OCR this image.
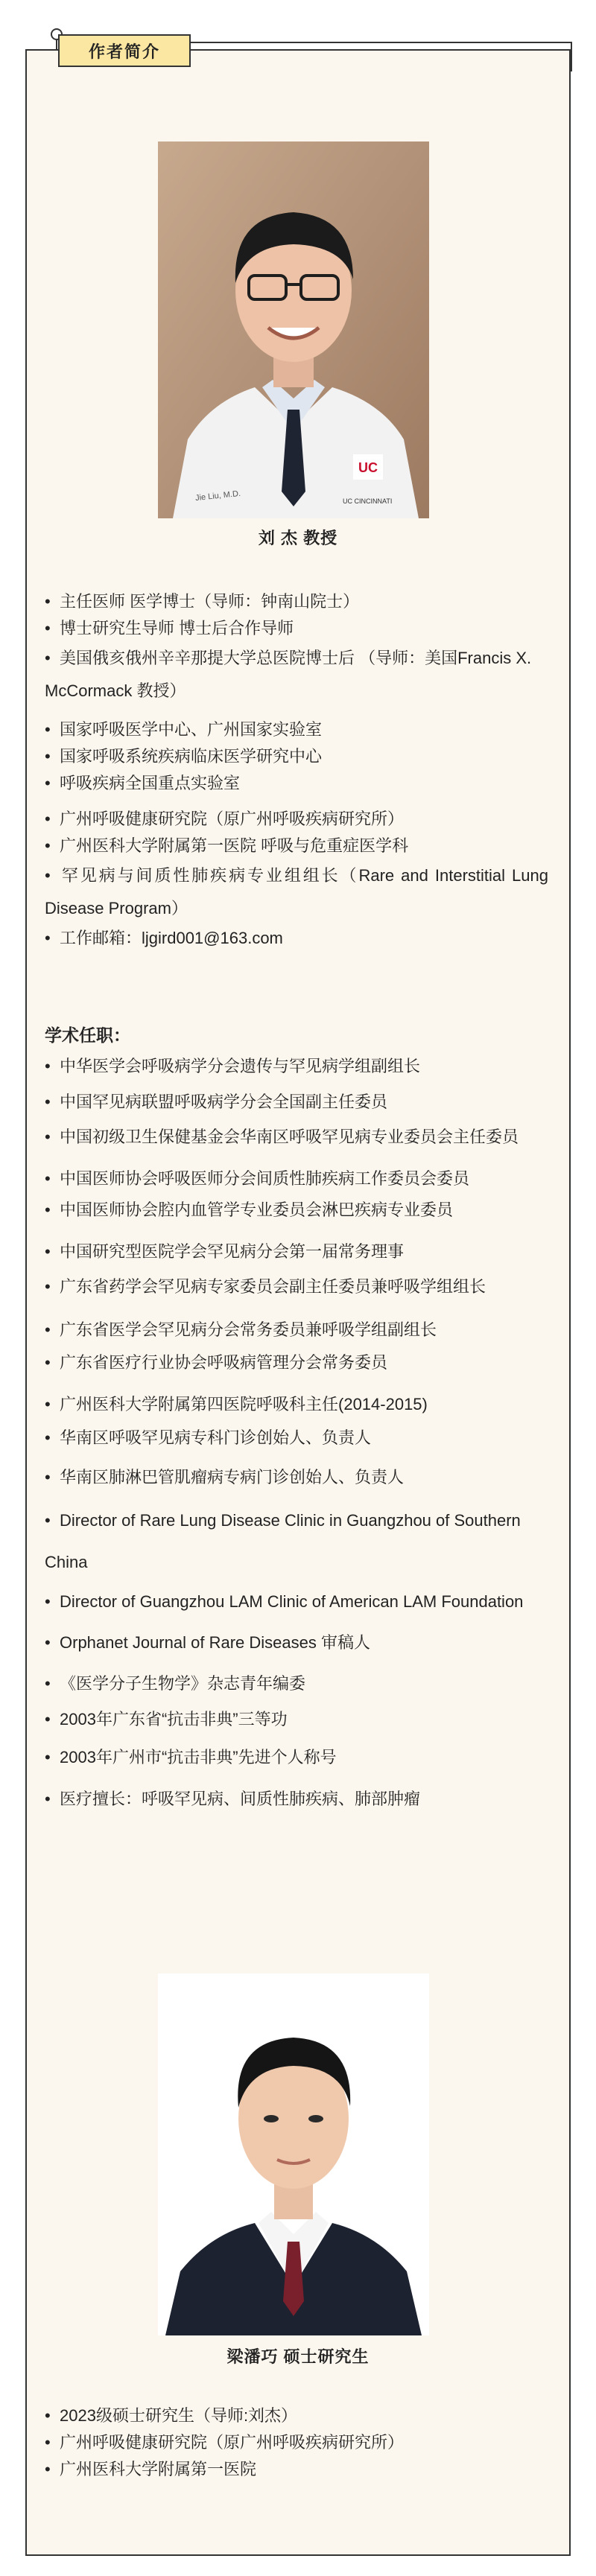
作者简介
UC
Jie Liu, M.D.	UC CINCINNATI
刘 杰 教授

• 主任医师 医学博士（导师：钟南山院士）

• 博士研究生导师 博士后合作导师

• 美国俄亥俄州辛辛那提大学总医院博士后 （导师：美国Francis X. McCormack 教授）

• 国家呼吸医学中心、广州国家实验室

• 国家呼吸系统疾病临床医学研究中心

• 呼吸疾病全国重点实验室

• 广州呼吸健康研究院（原广州呼吸疾病研究所）

• 广州医科大学附属第一医院 呼吸与危重症医学科

• 罕见病与间质性肺疾病专业组组长（Rare and Interstitial Lung Disease Program）

• 工作邮箱：ljgird001@163.com

学术任职：

• 中华医学会呼吸病学分会遗传与罕见病学组副组长

• 中国罕见病联盟呼吸病学分会全国副主任委员

• 中国初级卫生保健基金会华南区呼吸罕见病专业委员会主任委员

• 中国医师协会呼吸医师分会间质性肺疾病工作委员会委员

• 中国医师协会腔内血管学专业委员会淋巴疾病专业委员

• 中国研究型医院学会罕见病分会第一届常务理事

• 广东省药学会罕见病专家委员会副主任委员兼呼吸学组组长

• 广东省医学会罕见病分会常务委员兼呼吸学组副组长

• 广东省医疗行业协会呼吸病管理分会常务委员

• 广州医科大学附属第四医院呼吸科主任(2014-2015)

• 华南区呼吸罕见病专科门诊创始人、负责人

• 华南区肺淋巴管肌瘤病专病门诊创始人、负责人

• Director of Rare Lung Disease Clinic in Guangzhou of Southern China

• Director of Guangzhou LAM Clinic of American LAM Foundation

• Orphanet Journal of Rare Diseases 审稿人

• 《医学分子生物学》杂志青年编委

• 2003年广东省“抗击非典”三等功

• 2003年广州市“抗击非典”先进个人称号

• 医疗擅长：呼吸罕见病、间质性肺疾病、肺部肿瘤

梁潘巧 硕士研究生

• 2023级硕士研究生（导师:刘杰）

• 广州呼吸健康研究院（原广州呼吸疾病研究所）

• 广州医科大学附属第一医院
